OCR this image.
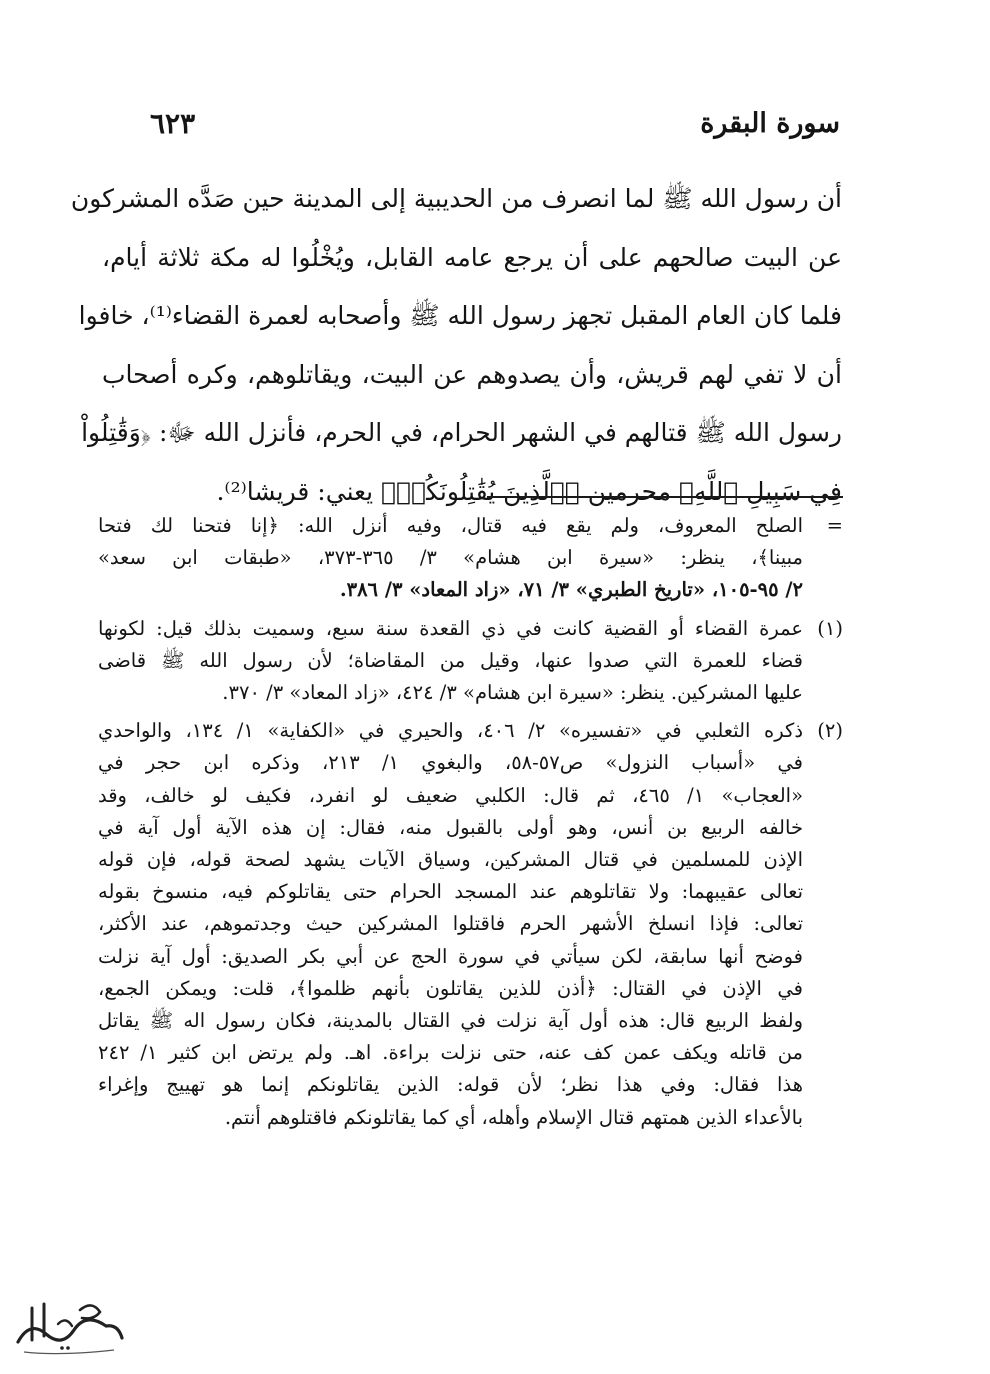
سورة البقرة
٦٢٣
أن رسول الله ﷺ لما انصرف من الحديبية إلى المدينة حين صَدَّه المشركون
عن البيت صالحهم على أن يرجع عامه القابل، ويُخْلُوا له مكة ثلاثة أيام،
فلما كان العام المقبل تجهز رسول الله ﷺ وأصحابه لعمرة القضاء⁽¹⁾، خافوا
أن لا تفي لهم قريش، وأن يصدوهم عن البيت، ويقاتلوهم، وكره أصحاب
رسول الله ﷺ قتالهم في الشهر الحرام، في الحرم، فأنزل الله ﷻ: ﴿وَقَٰتِلُواْ
فِي سَبِيلِ ٱللَّهِ﴾ محرمين ﴿ٱلَّذِينَ يُقَٰتِلُونَكُمۡ﴾ يعني: قريشا⁽²⁾.
=
الصلح المعروف، ولم يقع فيه قتال، وفيه أنزل الله: ﴿إنا فتحنا لك فتحا
مبينا﴾، ينظر: «سيرة ابن هشام» ٣/ ٣٦٥-٣٧٣، «طبقات ابن سعد»
٢/ ٩٥-١٠٥، «تاريخ الطبري» ٣/ ٧١، «زاد المعاد» ٣/ ٣٨٦.
(١)
عمرة القضاء أو القضية كانت في ذي القعدة سنة سبع، وسميت بذلك قيل: لكونها
قضاء للعمرة التي صدوا عنها، وقيل من المقاضاة؛ لأن رسول الله ﷺ قاضى
عليها المشركين. ينظر: «سيرة ابن هشام» ٣/ ٤٢٤، «زاد المعاد» ٣/ ٣٧٠.
(٢)
ذكره الثعلبي في «تفسيره» ٢/ ٤٠٦، والحيري في «الكفاية» ١/ ١٣٤، والواحدي
في «أسباب النزول» ص٥٧-٥٨، والبغوي ١/ ٢١٣، وذكره ابن حجر في
«العجاب» ١/ ٤٦٥، ثم قال: الكلبي ضعيف لو انفرد، فكيف لو خالف، وقد
خالفه الربيع بن أنس، وهو أولى بالقبول منه، فقال: إن هذه الآية أول آية في
الإذن للمسلمين في قتال المشركين، وسياق الآيات يشهد لصحة قوله، فإن قوله
تعالى عقيبهما: ولا تقاتلوهم عند المسجد الحرام حتى يقاتلوكم فيه، منسوخ بقوله
تعالى: فإذا انسلخ الأشهر الحرم فاقتلوا المشركين حيث وجدتموهم، عند الأكثر،
فوضح أنها سابقة، لكن سيأتي في سورة الحج عن أبي بكر الصديق: أول آية نزلت
في الإذن في القتال: ﴿أذن للذين يقاتلون بأنهم ظلموا﴾، قلت: ويمكن الجمع،
ولفظ الربيع قال: هذه أول آية نزلت في القتال بالمدينة، فكان رسول اله ﷺ يقاتل
من قاتله ويكف عمن كف عنه، حتى نزلت براءة. اهـ. ولم يرتض ابن كثير ١/ ٢٤٢
هذا فقال: وفي هذا نظر؛ لأن قوله: الذين يقاتلونكم إنما هو تهييج وإغراء
بالأعداء الذين همتهم قتال الإسلام وأهله، أي كما يقاتلونكم فاقتلوهم أنتم.
